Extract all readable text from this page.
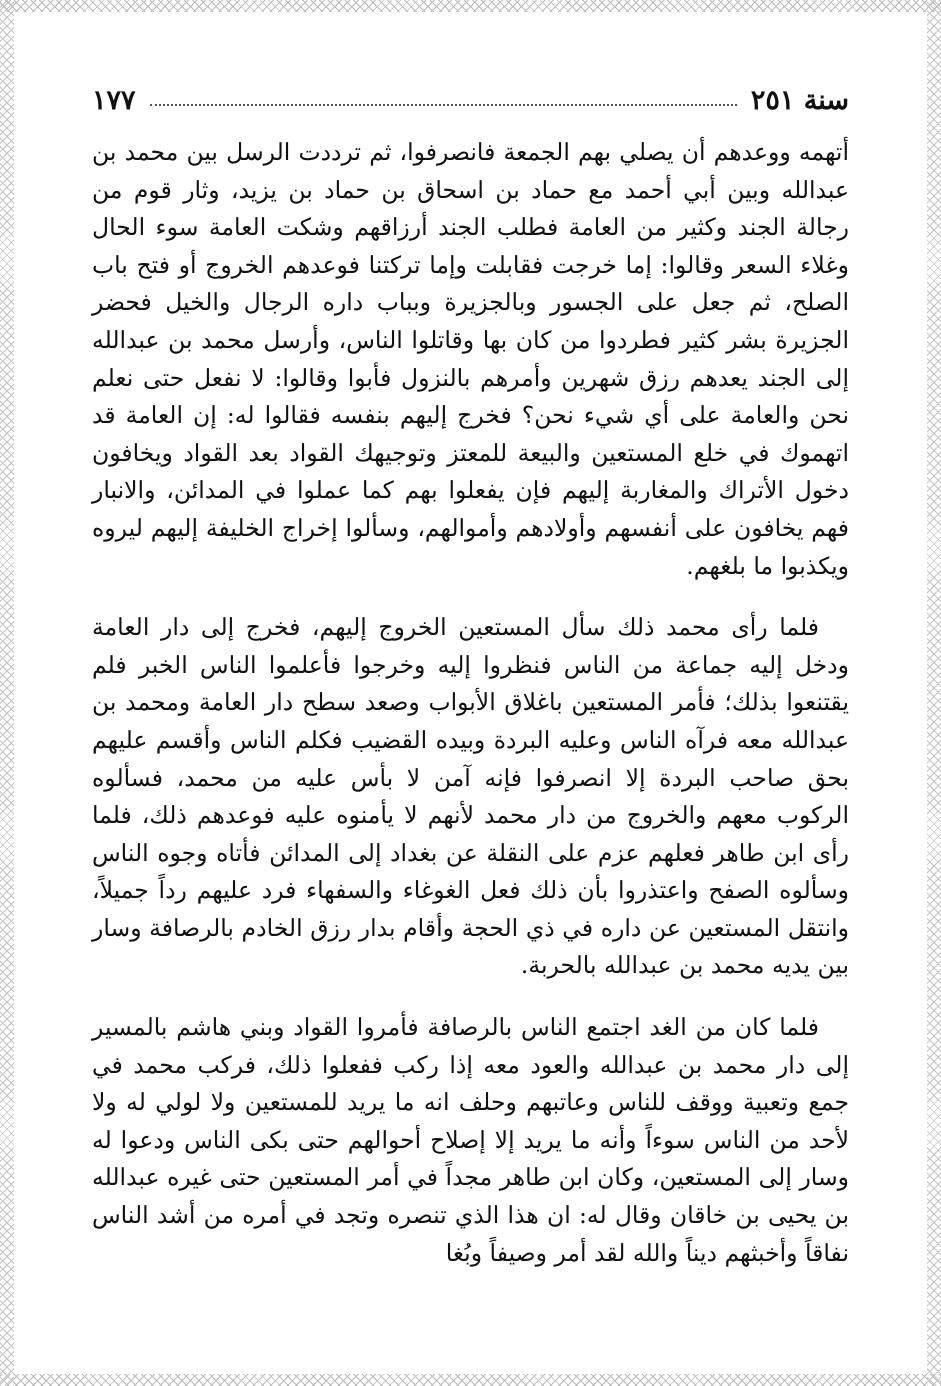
سنة ٢٥١
١٧٧

أتهمه ووعدهم أن يصلي بهم الجمعة فانصرفوا، ثم ترددت الرسل بين محمد بن عبدالله وبين أبي أحمد مع حماد بن اسحاق بن حماد بن يزيد، وثار قوم من رجالة الجند وكثير من العامة فطلب الجند أرزاقهم وشكت العامة سوء الحال وغلاء السعر وقالوا: إما خرجت فقابلت وإما تركتنا فوعدهم الخروج أو فتح باب الصلح، ثم جعل على الجسور وبالجزيرة وبباب داره الرجال والخيل فحضر الجزيرة بشر كثير فطردوا من كان بها وقاتلوا الناس، وأرسل محمد بن عبدالله إلى الجند يعدهم رزق شهرين وأمرهم بالنزول فأبوا وقالوا: لا نفعل حتى نعلم نحن والعامة على أي شيء نحن؟ فخرج إليهم بنفسه فقالوا له: إن العامة قد اتهموك في خلع المستعين والبيعة للمعتز وتوجيهك القواد بعد القواد ويخافون دخول الأتراك والمغاربة إليهم فإن يفعلوا بهم كما عملوا في المدائن، والانبار فهم يخافون على أنفسهم وأولادهم وأموالهم، وسألوا إخراج الخليفة إليهم ليروه ويكذبوا ما بلغهم.

فلما رأى محمد ذلك سأل المستعين الخروج إليهم، فخرج إلى دار العامة ودخل إليه جماعة من الناس فنظروا إليه وخرجوا فأعلموا الناس الخبر فلم يقتنعوا بذلك؛ فأمر المستعين باغلاق الأبواب وصعد سطح دار العامة ومحمد بن عبدالله معه فرآه الناس وعليه البردة وبيده القضيب فكلم الناس وأقسم عليهم بحق صاحب البردة إلا انصرفوا فإنه آمن لا بأس عليه من محمد، فسألوه الركوب معهم والخروج من دار محمد لأنهم لا يأمنوه عليه فوعدهم ذلك، فلما رأى ابن طاهر فعلهم عزم على النقلة عن بغداد إلى المدائن فأتاه وجوه الناس وسألوه الصفح واعتذروا بأن ذلك فعل الغوغاء والسفهاء فرد عليهم رداً جميلاً، وانتقل المستعين عن داره في ذي الحجة وأقام بدار رزق الخادم بالرصافة وسار بين يديه محمد بن عبدالله بالحربة.

فلما كان من الغد اجتمع الناس بالرصافة فأمروا القواد وبني هاشم بالمسير إلى دار محمد بن عبدالله والعود معه إذا ركب ففعلوا ذلك، فركب محمد في جمع وتعبية ووقف للناس وعاتبهم وحلف انه ما يريد للمستعين ولا لولي له ولا لأحد من الناس سوءاً وأنه ما يريد إلا إصلاح أحوالهم حتى بكى الناس ودعوا له وسار إلى المستعين، وكان ابن طاهر مجداً في أمر المستعين حتى غيره عبدالله بن يحيى بن خاقان وقال له: ان هذا الذي تنصره وتجد في أمره من أشد الناس نفاقاً وأخبثهم ديناً والله لقد أمر وصيفاً وبُغا
